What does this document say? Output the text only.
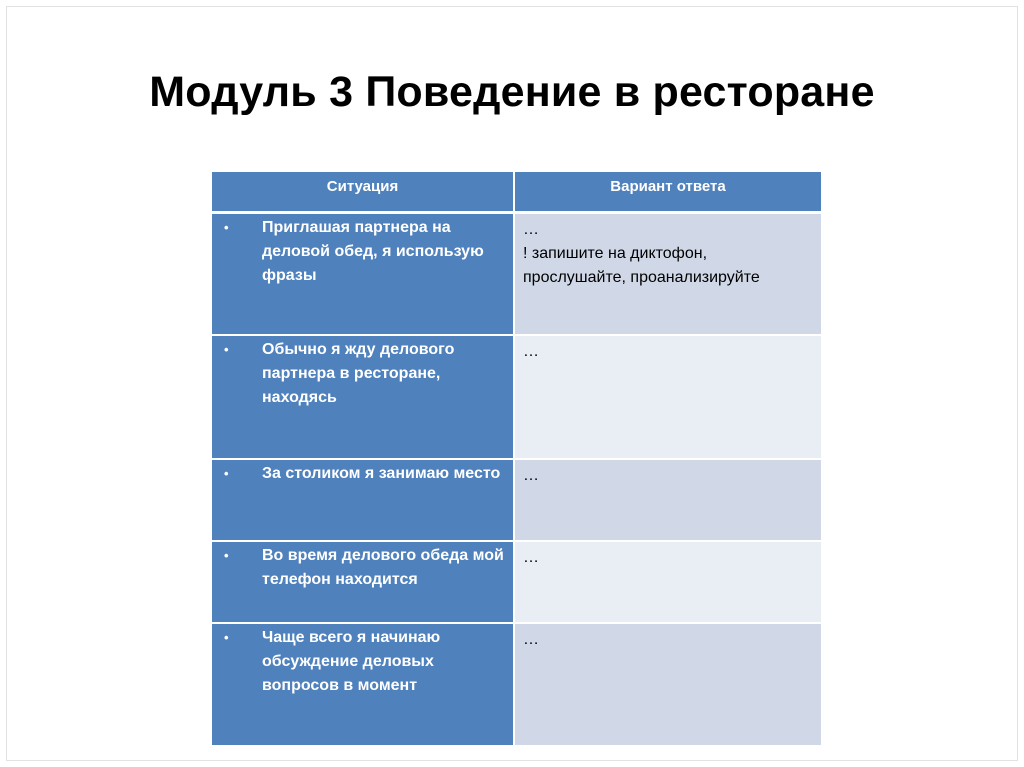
Модуль 3 Поведение в ресторане
Ситуация	Вариант ответа

• Приглашая партнера на деловой обед, я использую фразы	…
! запишите на диктофон,
прослушайте, проанализируйте

• Обычно я жду делового партнера в ресторане, находясь	…

• За столиком я занимаю место	…

• Во время делового обеда мой телефон находится	…

• Чаще всего я начинаю обсуждение деловых вопросов в момент	…
